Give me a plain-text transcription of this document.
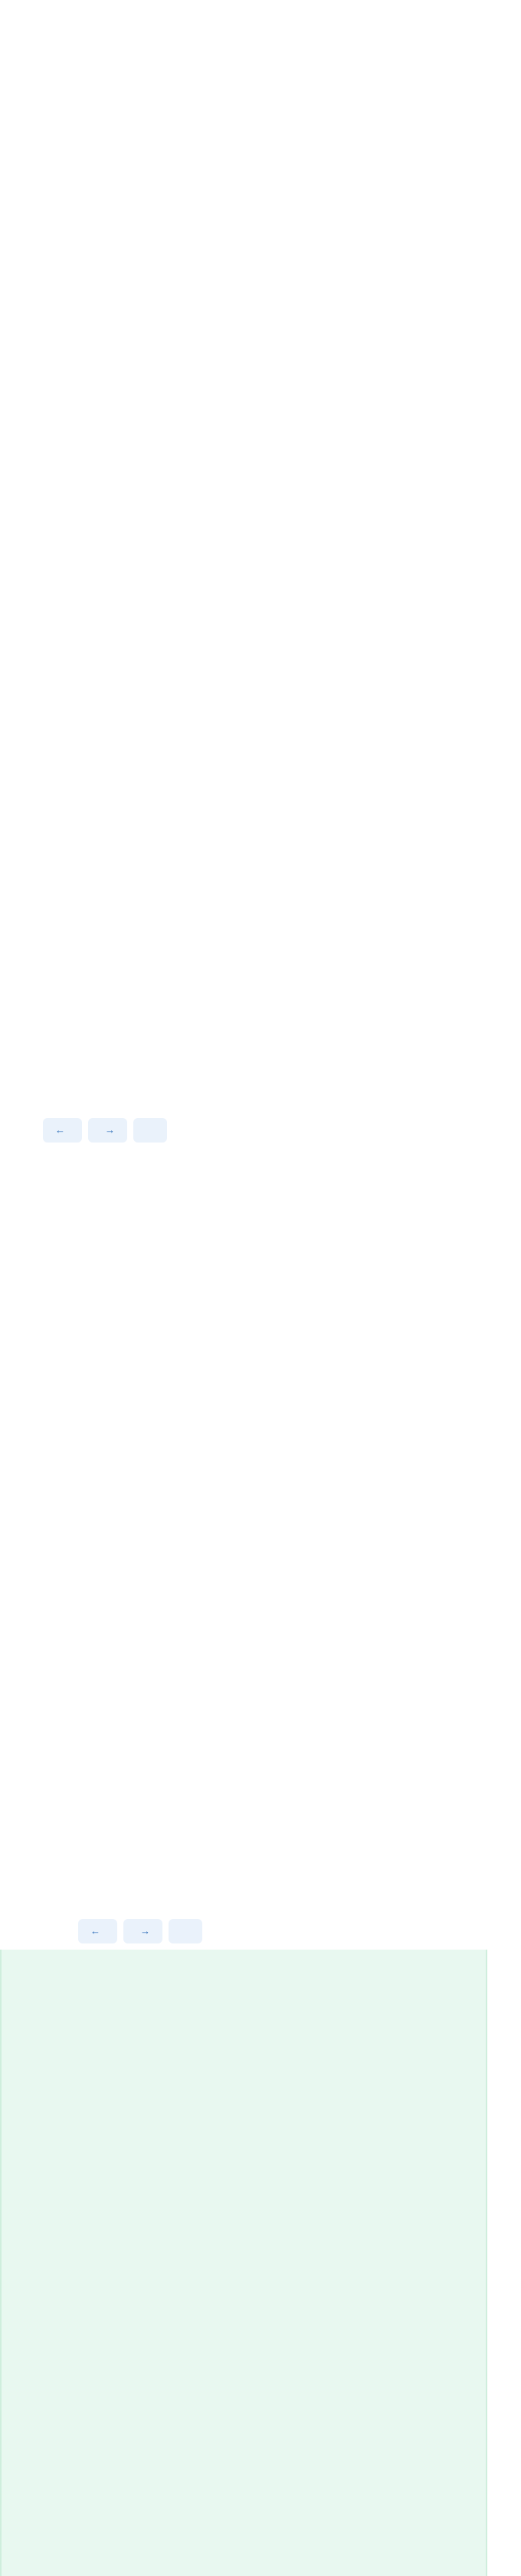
←	→
←	→
